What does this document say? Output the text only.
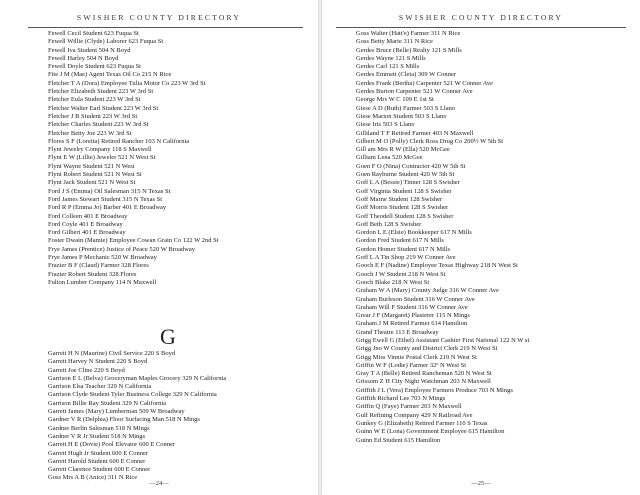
SWISHER COUNTY DIRECTORY
Fewell Cecil Student 623 Fuqua St
Fewell Willie (Clyde) Laborer 623 Fuqua St
Fewell Iva Student 504 N Boyd
Fewell Harley 504 N Boyd
Fewell Doyle Student 623 Fuqua St
Fite J M (Mae) Agent Texas Oil Co 215 N Rice
Fletcher T A (Dora) Employee Tulia Motor Co 223 W 3rd St
Fletcher Elizabeth Student 223 W 3rd St
Fletcher Eula Student 223 W 3rd St
Fletcher Walter Earl Student 223 W 3rd St
Fletcher J B Student 223 W 3rd St
Fletcher Charles Student 223 W 3rd St
Fletcher Betty Joe 223 W 3rd St
Flores S F (Loretta) Retired Rancher 103 N California
Flynt Jewelry Company 118 S Maxwell
Flynt E W (Lillie) Jeweler 521 N West St
Flynt Wayne Student 521 N West
Flynt Robert Student 521 N West St
Flynt Jack Student 521 N West St
Ford J S (Emma) Oil Salesman 315 N Texas St
Ford James Stewart Student 315 N Texas St
Ford R P (Emma Jo) Barber 401 E Broadway
Ford Colleen 401 E Broadway
Ford Coyle 401 E Broadway
Ford Gilbert 401 E Broadway
Foster Dwain (Mamie) Employee Cowan Grain Co 122 W 2nd St
Frye James (Prentice) Justice of Peace 520 W Broadway
Frye James P Mechanic 520 W Broadway
Frazier B F (Claud) Farmer 328 Flores
Frazier Robert Student 328 Flores
Fulton Lumber Company 114 N Maxwell
G
Garrett H N (Maurine) Civil Service 220 S Boyd
Garrett Harvey N Student 220 S Boyd
Garrett Joe Cline 220 S Boyd
Garrison E L (Belva) Groceryman Maples Grocery 329 N California
Garrison Elsa Teacher 329 N California
Garrison Clyde Student Tyler Business College 329 N California
Garrison Billie Ray Student 329 N California
Garrett James (Mary) Lumberman 509 W Broadway
Gardner V R (Delphia) Floor Surfacing Man 518 N Mings
Gardner Berlin Salesman 518 N Mings
Gardner V R Jr Student 518 N Mings
Garrett H E (Dovie) Pool Elevator 600 E Conner
Garrett Hugh Jr Student 600 E Conner
Garrett Harold Student 600 E Conner
Garrett Clarence Student 600 E Conner
Goss Mrs A B (Anice) 311 N Rice
—24—
SWISHER COUNTY DIRECTORY
Goss Walter (Hatt'e) Farmer 311 N Rice
Goss Betty Marie 311 N Rice
Gerdes Bruce (Belle) Realty 121 S Mills
Gerdes Wayne 121 S Mills
Gerdes Carl 121 S Mills
Gerdes Emmett (Cleta) 309 W Conner
Gerdes Frank (Bertha) Carpenter 521 W Conner Ave
Gerdes Burton Carpenter 521 W Conner Ave
George Mrs W C 109 E 1st St
Giese A D (Ruth) Farmer 503 S Llano
Giese Marion Student 503 S Llano
Giese Iris 503 S Llano
Gilliland T F Retired Farmer 403 N Maxwell
Gilbert M O (Polly) Clerk Ross Drug Co 200½ W 5th St
Gill am Mrs R W (Ella) 520 McGee
Gilliam Lena 520 McGee
Goen F O (Nina) Contractor 420 W 5th St
Goen Rayburne Student 420 W 5th St
Goff L A (Bessie) Tinner 128 S Swisher
Goff Virginia Student 128 S Swisher
Goff Marne Student 128 Swisher
Goff Morris Student 128 S Swisher
Goff Theodell Student 128 S Swisher
Goff Beth 128 S Swisher
Gordon L E (Elsie) Bookkeeper 617 N Mills
Gordon Fred Student 617 N Mills
Gordon Homer Student 617 N Mills
Goff L A Tin Shop 219 W Conner Ave
Gooch E F (Nadine) Employee Texas Highway 218 N West St
Gooch J W Student 218 N West St
Gooch Blake 218 N West St
Graham W A (Mary) County Judge 316 W Conner Ave
Graham Burleson Student 316 W Conner Ave
Graham Will F Student 316 W Conner Ave
Grear J F (Margaret) Plasterer 115 N Mings
Graham J M Retired Farmer 614 Hamilton
Grand Theatre 113 E Broadway
Grigg Ewell G (Ethel) Assistant Cashier First National 122 N W st
Grigg Jno W County and District Clerk 219 N West St
Grigg Miss Vinnie Postal Clerk 219 N West St
Griffin W F (Lodie) Farmer 32º N West St
Gray T A (Belle) Retired Rancheman 520 N West St
Grissom Z H City Night Watchman 203 N Maxwell
Griffith J L (Vera) Employee Farmers Produce 703 N Mings
Griffith Richard Lee 703 N Mings
Griffin Q (Faye) Farmer 203 N Maxwell
Gulf Refining Company 429 N Railroad Ave
Gunkey G (Elizabeth) Retired Farmer 110 S Texas
Guinn W E (Lona) Government Employee 615 Hamilton
Guinn Ed Student 615 Hamilton
—25—
